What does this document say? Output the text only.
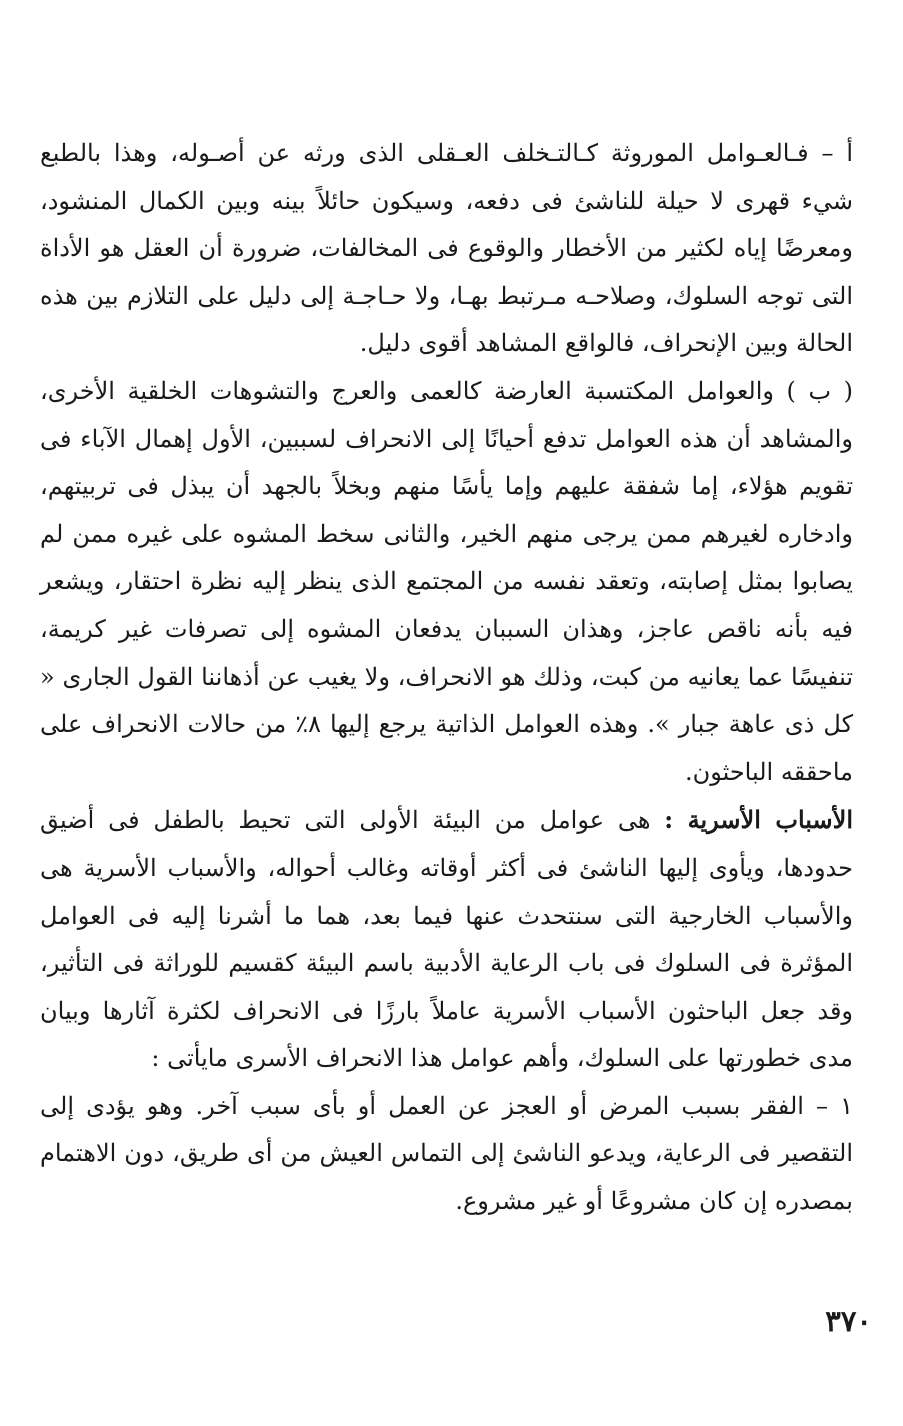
أ – فـالعـوامل الموروثة كـالتـخلف العـقلى الذى ورثه عن أصـوله، وهذا بالطبع شيء قهرى لا حيلة للناشئ فى دفعه، وسيكون حائلاً بينه وبين الكمال المنشود، ومعرضًا إياه لكثير من الأخطار والوقوع فى المخالفات، ضرورة أن العقل هو الأداة التى توجه السلوك، وصلاحـه مـرتبط بهـا، ولا حـاجـة إلى دليل على التلازم بين هذه الحالة وبين الإنحراف، فالواقع المشاهد أقوى دليل.

( ب ) والعوامل المكتسبة العارضة كالعمى والعرج والتشوهات الخلقية الأخرى، والمشاهد أن هذه العوامل تدفع أحيانًا إلى الانحراف لسببين، الأول إهمال الآباء فى تقويم هؤلاء، إما شفقة عليهم وإما يأسًا منهم وبخلاً بالجهد أن يبذل فى تربيتهم، وادخاره لغيرهم ممن يرجى منهم الخير، والثانى سخط المشوه على غيره ممن لم يصابوا بمثل إصابته، وتعقد نفسه من المجتمع الذى ينظر إليه نظرة احتقار، ويشعر فيه بأنه ناقص عاجز، وهذان السببان يدفعان المشوه إلى تصرفات غير كريمة، تنفيسًا عما يعانيه من كبت، وذلك هو الانحراف، ولا يغيب عن أذهاننا القول الجارى « كل ذى عاهة جبار ». وهذه العوامل الذاتية يرجع إليها ٨٪ من حالات الانحراف على ماحققه الباحثون.

الأسباب الأسرية : هى عوامل من البيئة الأولى التى تحيط بالطفل فى أضيق حدودها، ويأوى إليها الناشئ فى أكثر أوقاته وغالب أحواله، والأسباب الأسرية هى والأسباب الخارجية التى سنتحدث عنها فيما بعد، هما ما أشرنا إليه فى العوامل المؤثرة فى السلوك فى باب الرعاية الأدبية باسم البيئة كقسيم للوراثة فى التأثير، وقد جعل الباحثون الأسباب الأسرية عاملاً بارزًا فى الانحراف لكثرة آثارها وبيان مدى خطورتها على السلوك، وأهم عوامل هذا الانحراف الأسرى مايأتى :

١ – الفقر بسبب المرض أو العجز عن العمل أو بأى سبب آخر. وهو يؤدى إلى التقصير فى الرعاية، ويدعو الناشئ إلى التماس العيش من أى طريق، دون الاهتمام بمصدره إن كان مشروعًا أو غير مشروع.

٣٧٠
